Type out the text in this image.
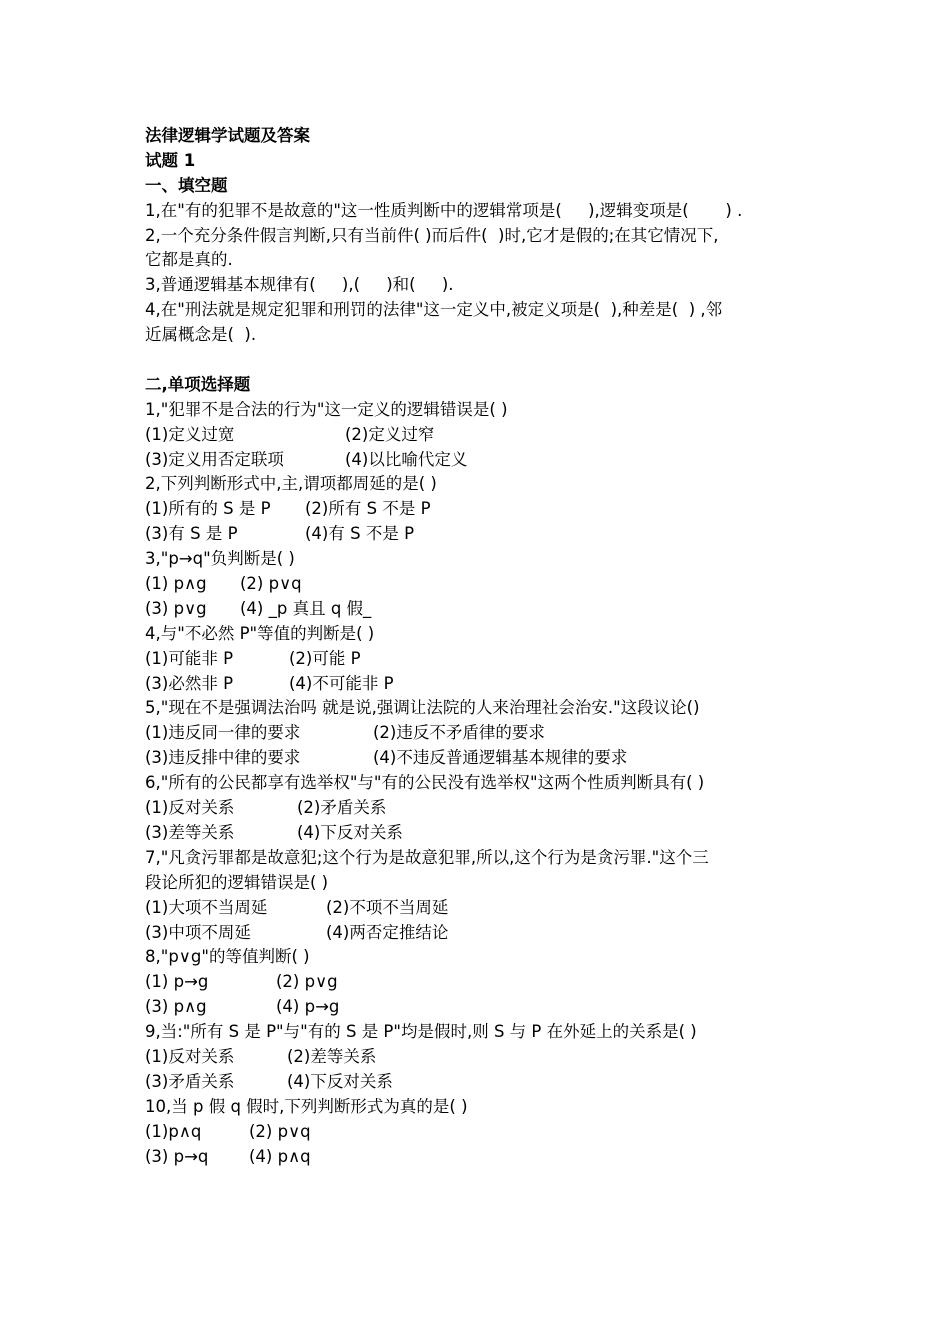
法律逻辑学试题及答案
试题 1
一、填空题
1,在"有的犯罪不是故意的"这一性质判断中的逻辑常项是(     ),逻辑变项是(       ) .
2,一个充分条件假言判断,只有当前件( )而后件(  )时,它才是假的;在其它情况下,
它都是真的.
3,普通逻辑基本规律有(     ),(     )和(     ).
4,在"刑法就是规定犯罪和刑罚的法律"这一定义中,被定义项是(  ),种差是(  ) ,邻
近属概念是(  ).
二,单项选择题
1,"犯罪不是合法的行为"这一定义的逻辑错误是( )
(1)定义过宽	(2)定义过窄
(3)定义用否定联项	(4)以比喻代定义
2,下列判断形式中,主,谓项都周延的是( )
(1)所有的 S 是 P (2)所有 S 不是 P
(3)有 S 是 P	(4)有 S 不是 P
3,"p→q"负判断是( )
(1) p∧g (2) p∨q
(3) p∨g (4) _p 真且 q 假_
4,与"不必然 P"等值的判断是( )
(1)可能非 P	(2)可能 P
(3)必然非 P	(4)不可能非 P
5,"现在不是强调法治吗 就是说,强调让法院的人来治理社会治安."这段议论()
(1)违反同一律的要求	(2)违反不矛盾律的要求
(3)违反排中律的要求	(4)不违反普通逻辑基本规律的要求
6,"所有的公民都享有选举权"与"有的公民没有选举权"这两个性质判断具有( )
(1)反对关系	(2)矛盾关系
(3)差等关系	(4)下反对关系
7,"凡贪污罪都是故意犯;这个行为是故意犯罪,所以,这个行为是贪污罪."这个三
段论所犯的逻辑错误是( )
(1)大项不当周延	(2)不项不当周延
(3)中项不周延	(4)两否定推结论
8,"p∨g"的等值判断( )
(1) p→g	(2) p∨g
(3) p∧g	(4) p→g
9,当:"所有 S 是 P"与"有的 S 是 P"均是假时,则 S 与 P 在外延上的关系是( )
(1)反对关系	(2)差等关系
(3)矛盾关系	(4)下反对关系
10,当 p 假 q 假时,下列判断形式为真的是( )
(1)p∧q	(2) p∨q
(3) p→q (4) p∧q
